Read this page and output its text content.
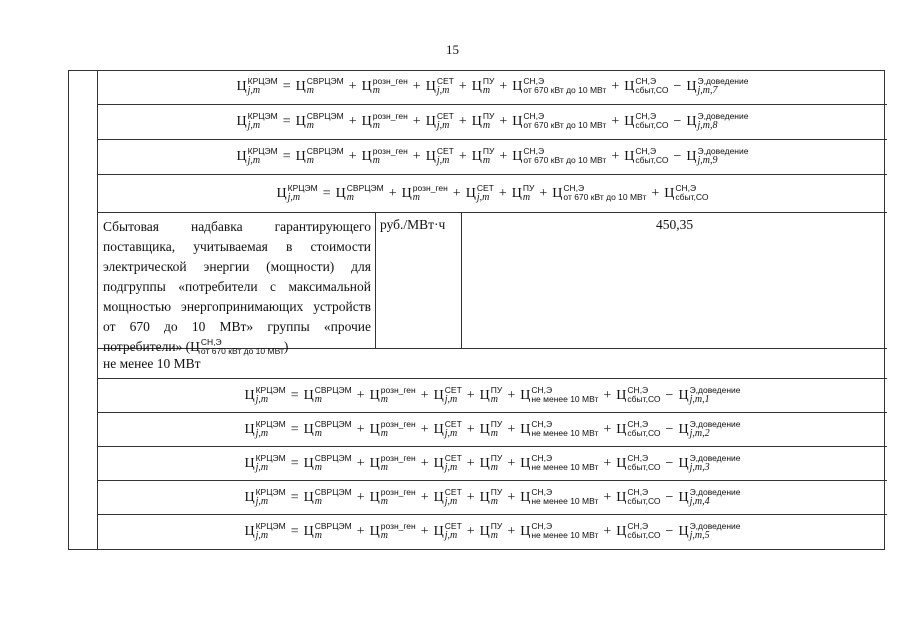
15
Ц КРЦЭМ
j,m	= Ц СВРЦЭМ
m	+ Ц розн_ген
m	+ Ц СЕТ
j,m + Ц ПУ
m + Ц СН,Э
от 670 кВт до 10 МВт + Ц СН,Э
сбыт,СО − Ц Э,доведение
j,m,7
Ц КРЦЭМ
j,m	= Ц СВРЦЭМ
m	+ Ц розн_ген
m	+ Ц СЕТ
j,m + Ц ПУ
m + Ц СН,Э
от 670 кВт до 10 МВт + Ц СН,Э
сбыт,СО − Ц Э,доведение
j,m,8
Ц КРЦЭМ
j,m	= Ц СВРЦЭМ
m	+ Ц розн_ген
m	+ Ц СЕТ
j,m + Ц ПУ
m + Ц СН,Э
от 670 кВт до 10 МВт + Ц СН,Э
сбыт,СО − Ц Э,доведение
j,m,9
Ц КРЦЭМ
j,m	= Ц СВРЦЭМ
m	+ Ц розн_ген
m	+ Ц СЕТ
j,m + Ц ПУ
m + Ц СН,Э
от 670 кВт до 10 МВт + Ц СН,Э
сбыт,СО
Сбытовая надбавка гарантирующего поставщика, учитываемая в стоимости электрической энергии (мощности) для подгруппы «потребители с максимальной мощностью энергопринимающих устройств от 670 до 10 МВт» группы «прочие потребители» (Ц СН,Э
от 670 кВт до 10 МВт )
руб./МВт·ч	450,35
не менее 10 МВт
Ц КРЦЭМ
j,m	= Ц СВРЦЭМ
m	+ Ц розн_ген
m	+ Ц СЕТ
j,m + Ц ПУ
m + Ц СН,Э
не менее 10 МВт + Ц СН,Э
сбыт,СО − Ц Э,доведение
j,m,1
Ц КРЦЭМ
j,m	= Ц СВРЦЭМ
m	+ Ц розн_ген
m	+ Ц СЕТ
j,m + Ц ПУ
m + Ц СН,Э
не менее 10 МВт + Ц СН,Э
сбыт,СО − Ц Э,доведение
j,m,2
Ц КРЦЭМ
j,m	= Ц СВРЦЭМ
m	+ Ц розн_ген
m	+ Ц СЕТ
j,m + Ц ПУ
m + Ц СН,Э
не менее 10 МВт + Ц СН,Э
сбыт,СО − Ц Э,доведение
j,m,3
Ц КРЦЭМ
j,m	= Ц СВРЦЭМ
m	+ Ц розн_ген
m	+ Ц СЕТ
j,m + Ц ПУ
m + Ц СН,Э
не менее 10 МВт + Ц СН,Э
сбыт,СО − Ц Э,доведение
j,m,4
Ц КРЦЭМ
j,m	= Ц СВРЦЭМ
m	+ Ц розн_ген
m	+ Ц СЕТ
j,m + Ц ПУ
m + Ц СН,Э
не менее 10 МВт + Ц СН,Э
сбыт,СО − Ц Э,доведение
j,m,5
